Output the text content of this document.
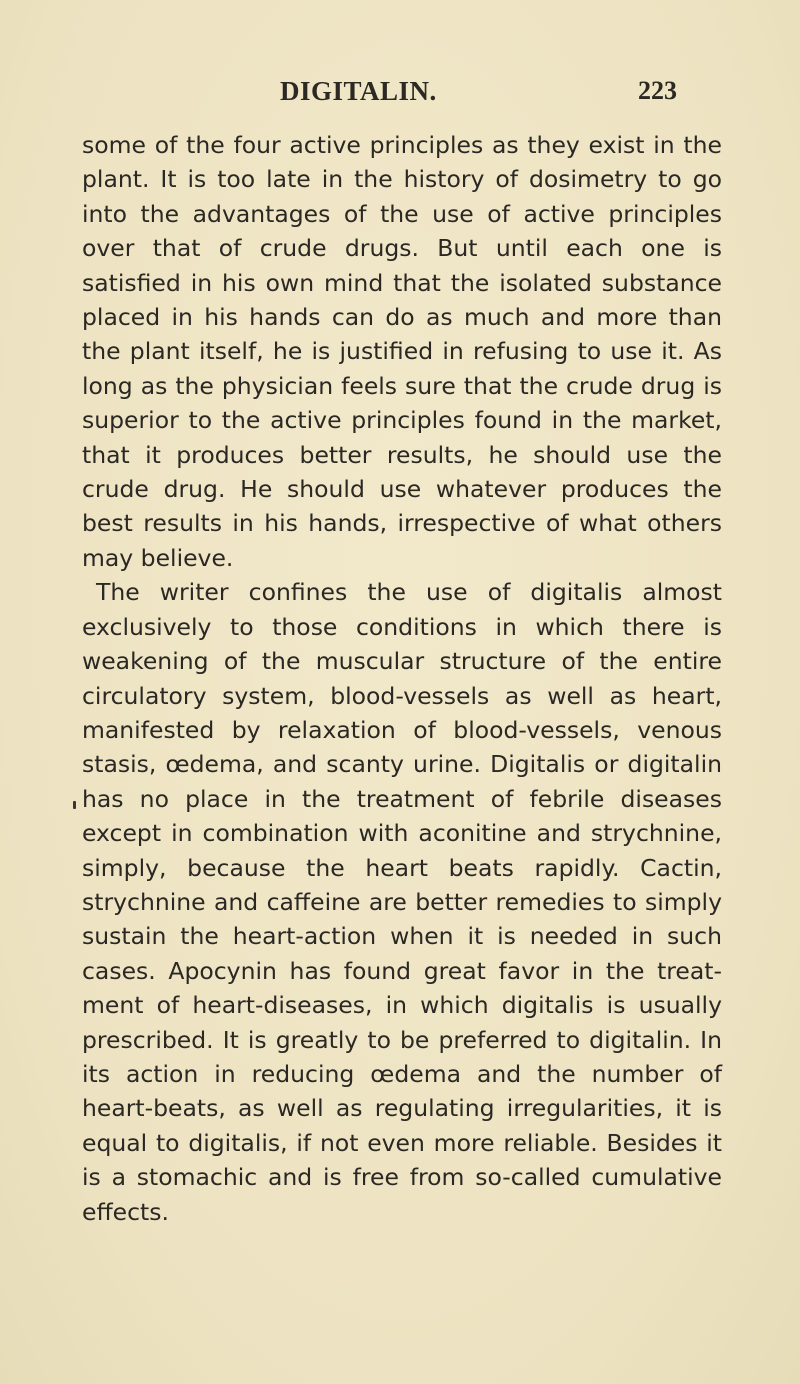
DIGITALIN.	223

some of the four active principles as they exist in the plant. It is too late in the history of dosimetry to go into the advantages of the use of active principles over that of crude drugs. But until each one is satisfied in his own mind that the isolated substance placed in his hands can do as much and more than the plant itself, he is justified in refusing to use it. As long as the physician feels sure that the crude drug is superior to the active principles found in the market, that it produces better results, he should use the crude drug. He should use whatever produces the best results in his hands, irrespective of what others may believe.

The writer confines the use of digitalis almost exclusively to those conditions in which there is weakening of the muscular structure of the entire circulatory system, blood-vessels as well as heart, manifested by relaxation of blood-vessels, venous stasis, œdema, and scanty urine. Digitalis or digitalin has no place in the treatment of febrile diseases except in combination with aconitine and strychnine, simply, because the heart beats rapidly. Cactin, strychnine and caffeine are better remedies to simply sustain the heart-action when it is needed in such cases. Apocynin has found great favor in the treatment of heart-diseases, in which digitalis is usually prescribed. It is greatly to be preferred to digitalin. In its action in reducing œdema and the number of heart-beats, as well as regulating irregularities, it is equal to digitalis, if not even more reliable. Besides it is a stomachic and is free from so-called cumulative effects.
